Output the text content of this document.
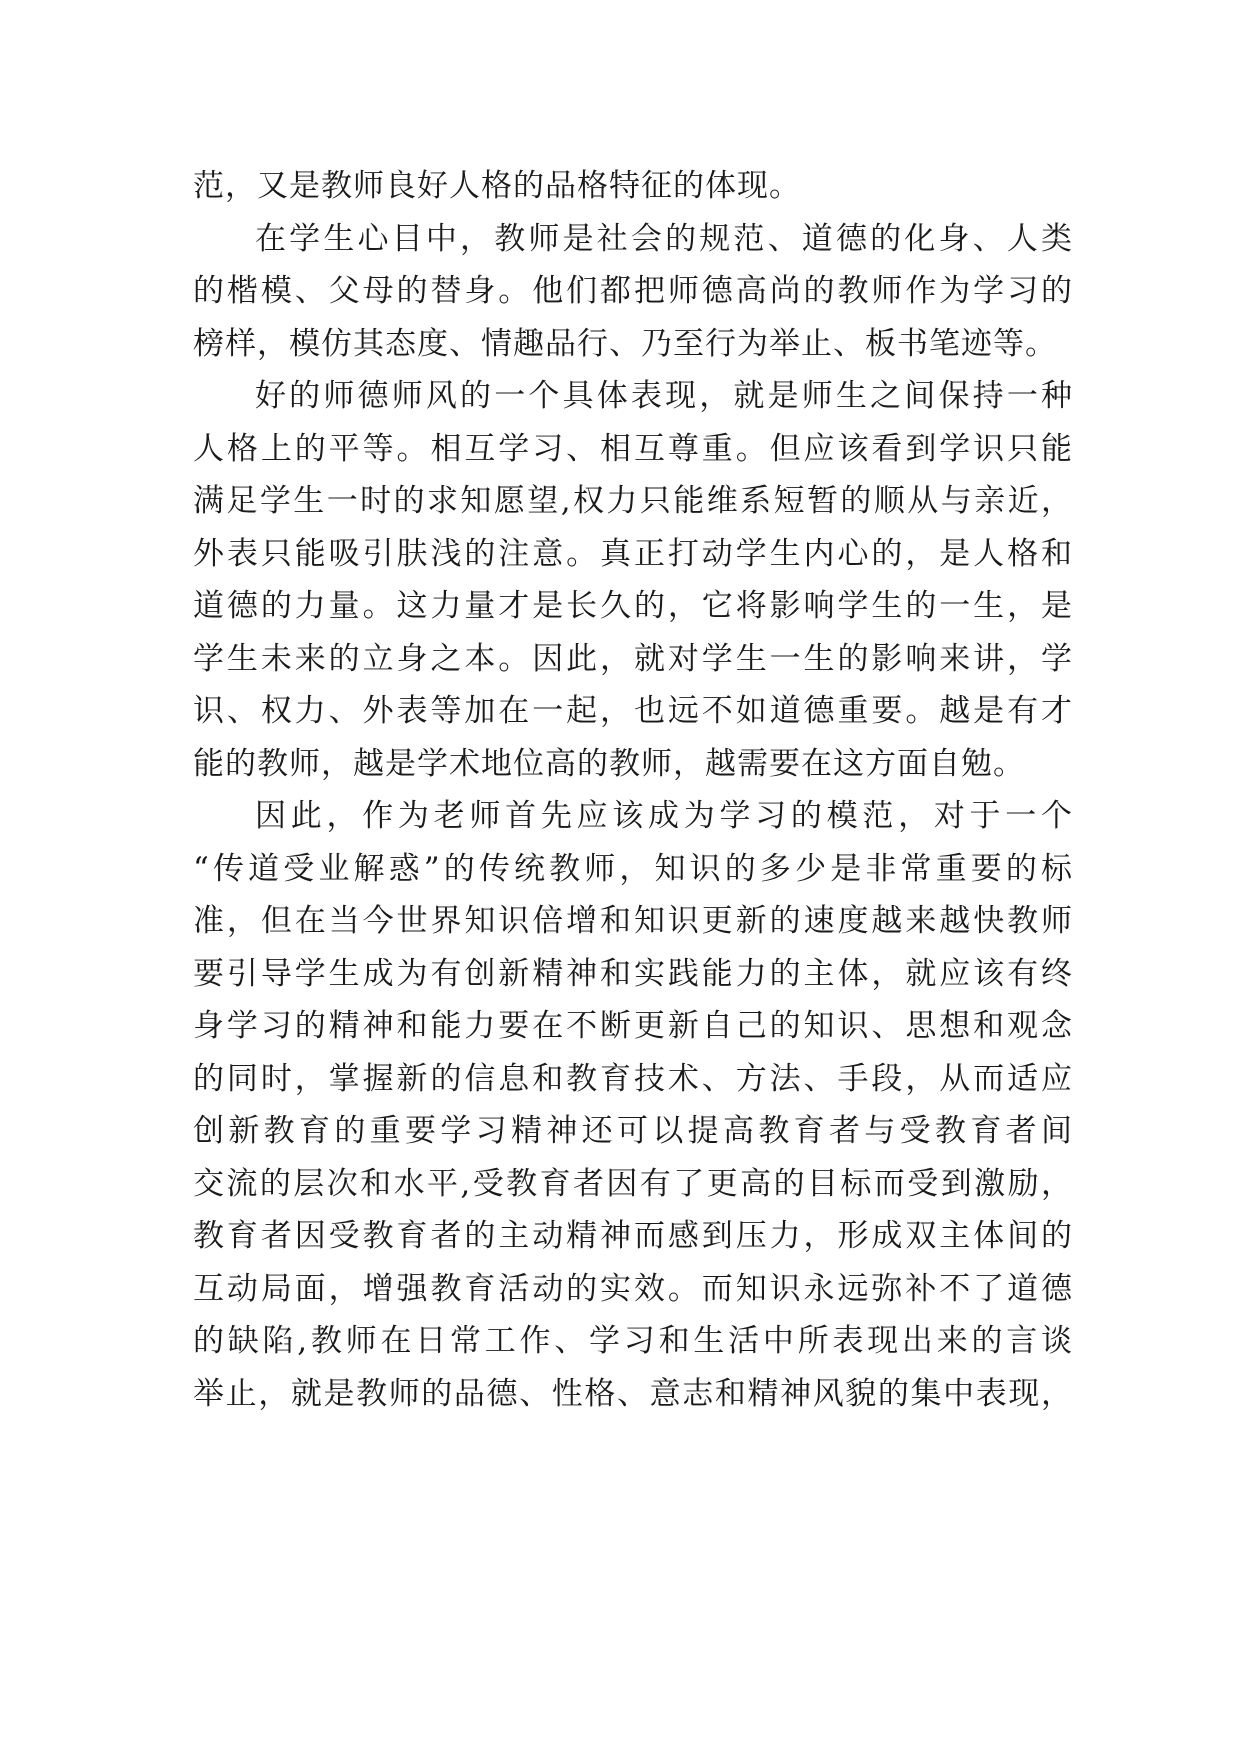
范，又是教师良好人格的品格特征的体现。
在学生心目中，教师是社会的规范、道德的化身、人类
的楷模、父母的替身。他们都把师德高尚的教师作为学习的
榜样，模仿其态度、情趣品行、乃至行为举止、板书笔迹等。
好的师德师风的一个具体表现，就是师生之间保持一种
人格上的平等。相互学习、相互尊重。但应该看到学识只能
满足学生一时的求知愿望,权力只能维系短暂的顺从与亲近，
外表只能吸引肤浅的注意。真正打动学生内心的，是人格和
道德的力量。这力量才是长久的，它将影响学生的一生，是
学生未来的立身之本。因此，就对学生一生的影响来讲，学
识、权力、外表等加在一起，也远不如道德重要。越是有才
能的教师，越是学术地位高的教师，越需要在这方面自勉。
因此，作为老师首先应该成为学习的模范，对于一个
“传道受业解惑”的传统教师，知识的多少是非常重要的标
准，但在当今世界知识倍增和知识更新的速度越来越快教师
要引导学生成为有创新精神和实践能力的主体，就应该有终
身学习的精神和能力要在不断更新自己的知识、思想和观念
的同时，掌握新的信息和教育技术、方法、手段，从而适应
创新教育的重要学习精神还可以提高教育者与受教育者间
交流的层次和水平,受教育者因有了更高的目标而受到激励，
教育者因受教育者的主动精神而感到压力，形成双主体间的
互动局面，增强教育活动的实效。而知识永远弥补不了道德
的缺陷,教师在日常工作、学习和生活中所表现出来的言谈
举止，就是教师的品德、性格、意志和精神风貌的集中表现，
